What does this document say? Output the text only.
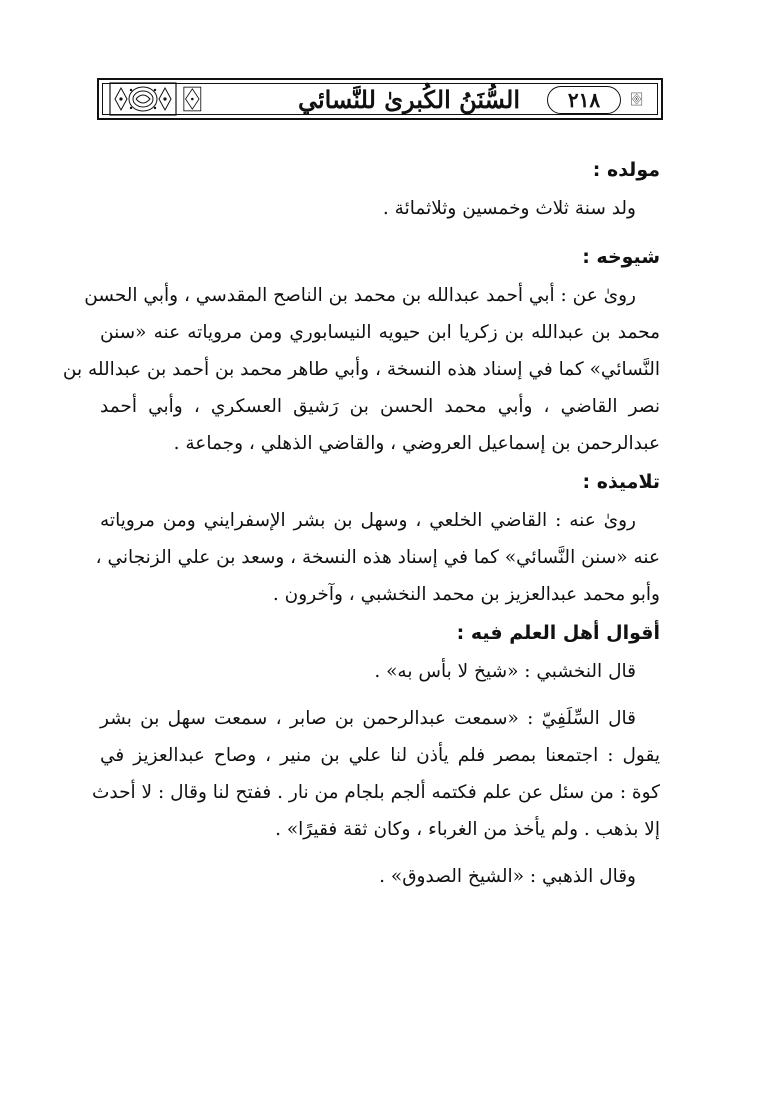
السُّنَنُ الكُبرىٰ للنَّسائي	٢١٨
مولده :

ولد سنة ثلاث وخمسين وثلاثمائة .

شيوخه :

روىٰ عن : أبي أحمد عبدالله بن محمد بن الناصح المقدسي ، وأبي الحسن
محمد بن عبدالله بن زكريا ابن حيويه النيسابوري ومن مروياته عنه «سنن
النَّسائي» كما في إسناد هذه النسخة ، وأبي طاهر محمد بن أحمد بن عبدالله بن
نصر القاضي ، وأبي محمد الحسن بن رَشيق العسكري ، وأبي أحمد
عبدالرحمن بن إسماعيل العروضي ، والقاضي الذهلي ، وجماعة .

تلاميذه :

روىٰ عنه : القاضي الخلعي ، وسهل بن بشر الإسفرايني ومن مروياته
عنه «سنن النَّسائي» كما في إسناد هذه النسخة ، وسعد بن علي الزنجاني ،
وأبو محمد عبدالعزيز بن محمد النخشبي ، وآخرون .

أقوال أهل العلم فيه :

قال النخشبي : «شيخ لا بأس به» .

قال السِّلَفِيّ : «سمعت عبدالرحمن بن صابر ، سمعت سهل بن بشر
يقول : اجتمعنا بمصر فلم يأذن لنا علي بن منير ، وصاح عبدالعزيز في
كوة : من سئل عن علم فكتمه ألجم بلجام من نار . ففتح لنا وقال : لا أحدث
إلا بذهب . ولم يأخذ من الغرباء ، وكان ثقة فقيرًا» .

وقال الذهبي : «الشيخ الصدوق» .
